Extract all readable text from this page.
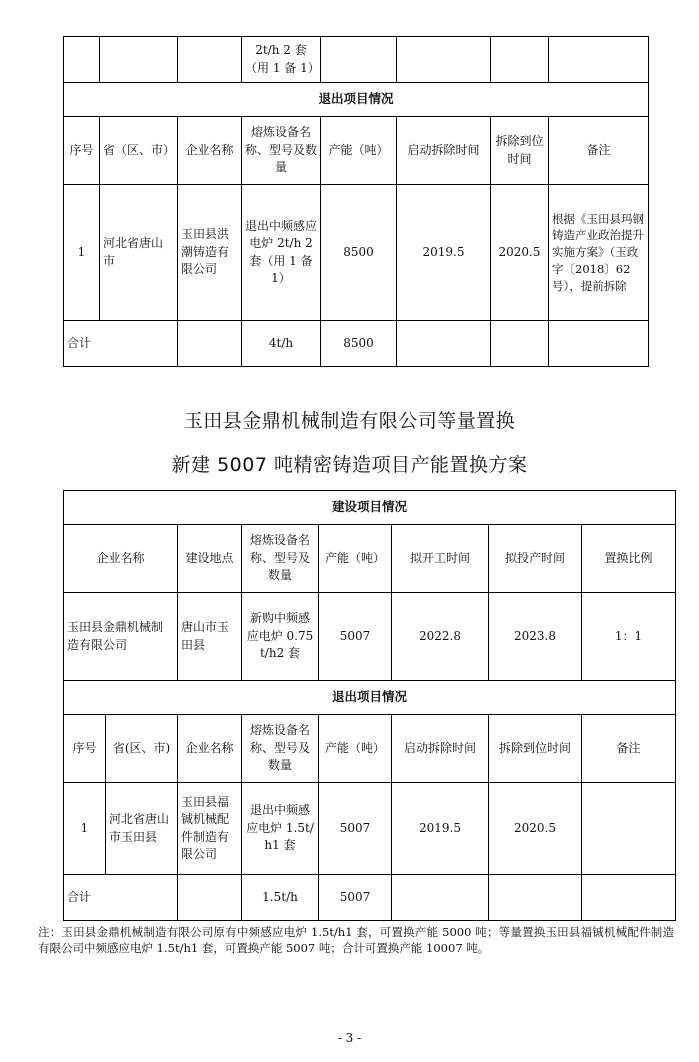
			2t/h 2 套
（用 1 备 1）				
退出项目情况							
序号	省（区、市）	企业名称	熔炼设备名称、型号及数量	产能（吨）	启动拆除时间	拆除到位时间	备注
1	河北省唐山市	玉田县洪潮铸造有限公司	退出中频感应电炉 2t/h 2 套（用 1 备 1）	8500	2019.5	2020.5	根据《玉田县玛钢铸造产业政治提升实施方案》（玉政字〔2018〕62 号），提前拆除
合计			4t/h	8500			
玉田县金鼎机械制造有限公司等量置换
新建 5007 吨精密铸造项目产能置换方案
建设项目情况							
企业名称		建设地点	熔炼设备名称、型号及数量	产能（吨）	拟开工时间	拟投产时间	置换比例
玉田县金鼎机械制造有限公司		唐山市玉田县	新购中频感应电炉 0.75t/h2 套	5007	2022.8	2023.8	1：1
退出项目情况							
序号	省(区、市)	企业名称	熔炼设备名称、型号及数量	产能（吨）	启动拆除时间	拆除到位时间	备注
1	河北省唐山市玉田县	玉田县福铖机械配件制造有限公司	退出中频感应电炉 1.5t/h1 套	5007	2019.5	2020.5	
合计			1.5t/h	5007			
注：玉田县金鼎机械制造有限公司原有中频感应电炉 1.5t/h1 套，可置换产能 5000 吨；等量置换玉田县福铖机械配件制造有限公司中频感应电炉 1.5t/h1 套，可置换产能 5007 吨；合计可置换产能 10007 吨。
- 3 -
